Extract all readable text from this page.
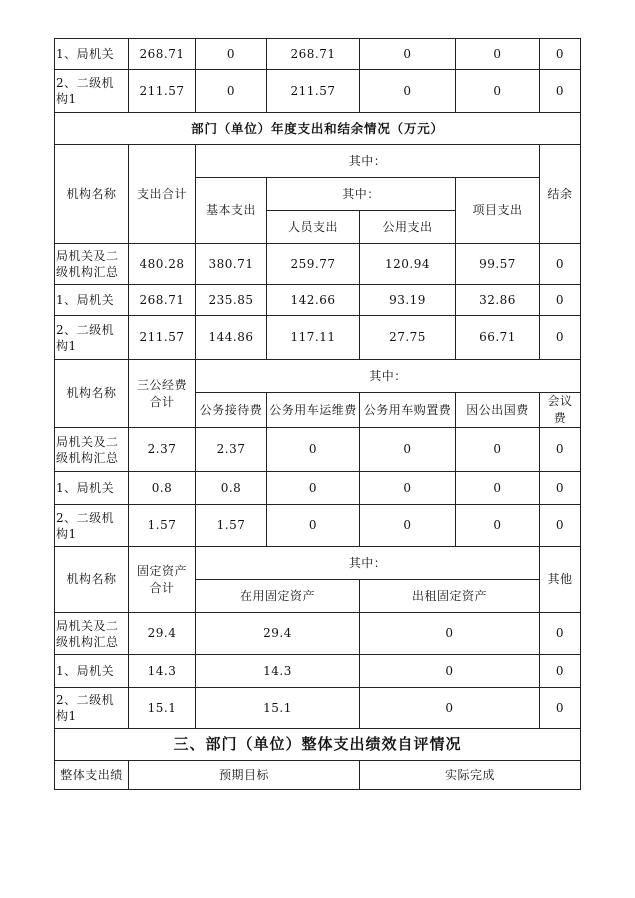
1、局机关	268.71	0	268.71	0	0	0
2、二级机构1	211.57	0	211.57	0	0	0
部门（单位）年度支出和结余情况（万元）						
机构名称	支出合计	其中：				结余
		基本支出	其中：		项目支出	
			人员支出	公用支出		
局机关及二级机构汇总	480.28	380.71	259.77	120.94	99.57	0
1、局机关	268.71	235.85	142.66	93.19	32.86	0
2、二级机构1	211.57	144.86	117.11	27.75	66.71	0
机构名称	三公经费合计	其中：				
		公务接待费	公务用车运维费	公务用车购置费	因公出国费	会议费
局机关及二级机构汇总	2.37	2.37	0	0	0	0
1、局机关	0.8	0.8	0	0	0	0
2、二级机构1	1.57	1.57	0	0	0	0
机构名称	固定资产合计	其中：				其他
		在用固定资产		出租固定资产		
局机关及二级机构汇总	29.4	29.4		0		0
1、局机关	14.3	14.3		0		0
2、二级机构1	15.1	15.1		0		0
三、部门（单位）整体支出绩效自评情况						
整体支出绩	预期目标			实际完成		
